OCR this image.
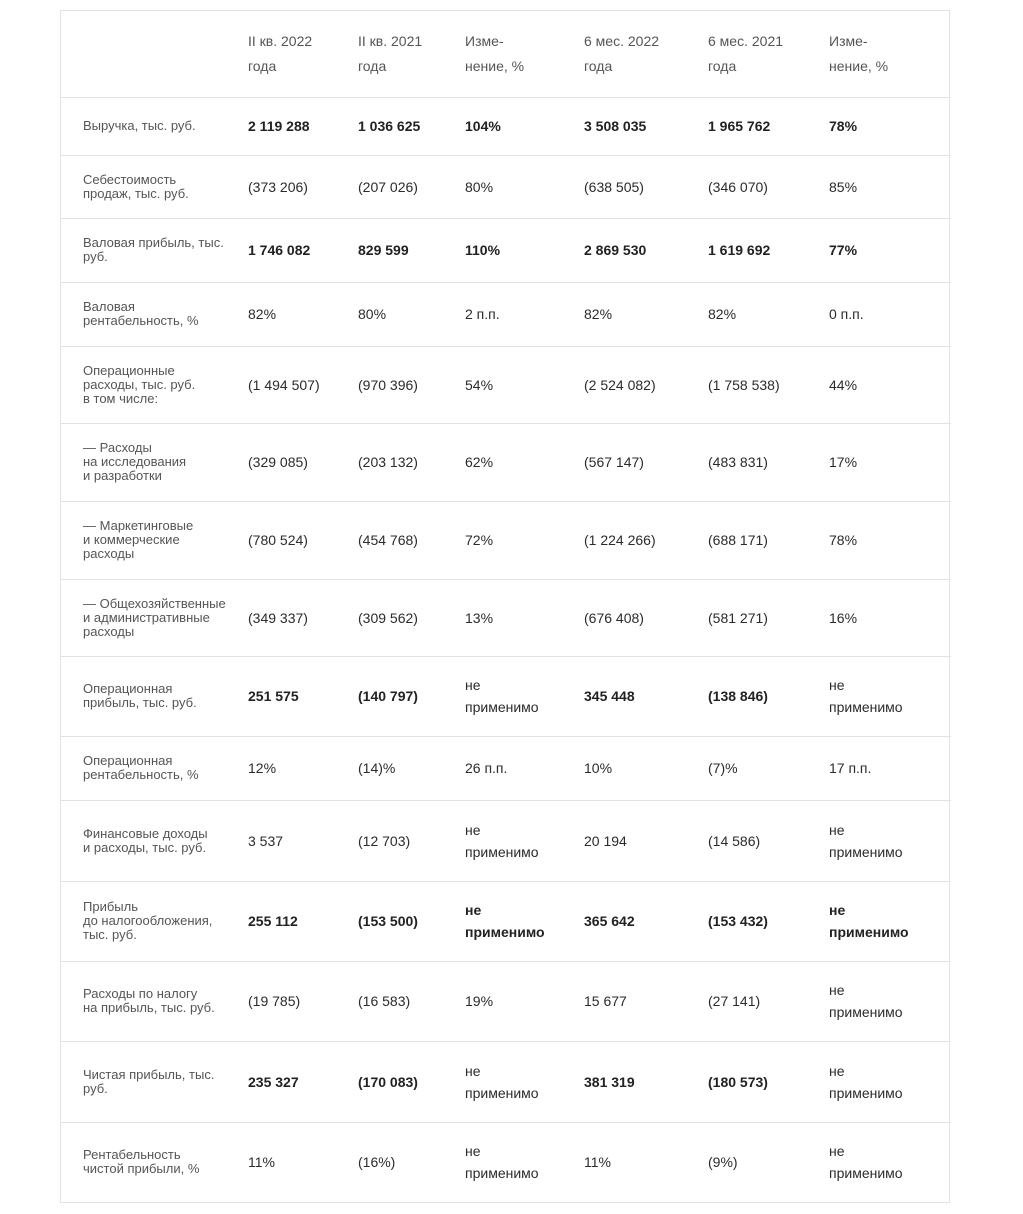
	II кв. 2022
года	II кв. 2021
года	Изме-
нение, %	6 мес. 2022
года	6 мес. 2021
года	Изме-
нение, %
Выручка, тыс. руб.	2 119 288	1 036 625	104%	3 508 035	1 965 762	78%
Себестоимость
продаж, тыс. руб.	(373 206)	(207 026)	80%	(638 505)	(346 070)	85%
Валовая прибыль, тыс.
руб.	1 746 082	829 599	110%	2 869 530	1 619 692	77%
Валовая
рентабельность, %	82%	80%	2 п.п.	82%	82%	0 п.п.
Операционные
расходы, тыс. руб.
в том числе:	(1 494 507)	(970 396)	54%	(2 524 082)	(1 758 538)	44%
— Расходы
на исследования
и разработки	(329 085)	(203 132)	62%	(567 147)	(483 831)	17%
— Маркетинговые
и коммерческие
расходы	(780 524)	(454 768)	72%	(1 224 266)	(688 171)	78%
— Общехозяйственные
и административные
расходы	(349 337)	(309 562)	13%	(676 408)	(581 271)	16%
Операционная
прибыль, тыс. руб.	251 575	(140 797)	не
применимо	345 448	(138 846)	не
применимо
Операционная
рентабельность, %	12%	(14)%	26 п.п.	10%	(7)%	17 п.п.
Финансовые доходы
и расходы, тыс. руб.	3 537	(12 703)	не
применимо	20 194	(14 586)	не
применимо
Прибыль
до налогообложения,
тыс. руб.	255 112	(153 500)	не
применимо	365 642	(153 432)	не
применимо
Расходы по налогу
на прибыль, тыс. руб.	(19 785)	(16 583)	19%	15 677	(27 141)	не
применимо
Чистая прибыль, тыс.
руб.	235 327	(170 083)	не
применимо	381 319	(180 573)	не
применимо
Рентабельность
чистой прибыли, %	11%	(16%)	не
применимо	11%	(9%)	не
применимо
